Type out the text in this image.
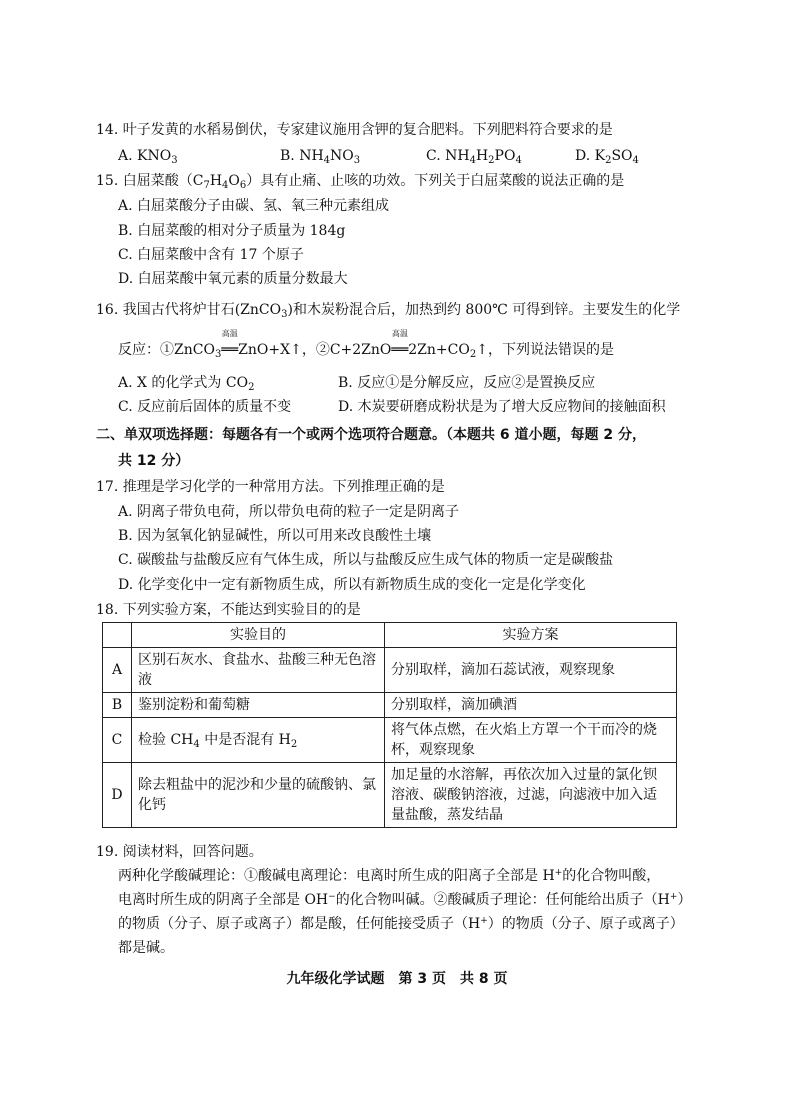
14. 叶子发黄的水稻易倒伏，专家建议施用含钾的复合肥料。下列肥料符合要求的是
A. $KNO_3$	B. $NH_4NO_3$	C. $NH_4H_2PO_4$	D. $K_2SO_4$
15. 白屈菜酸$(C_7H_4O_6)$具有止痛、止咳的功效。下列关于白屈菜酸的说法正确的是
A. 白屈菜酸分子由碳、氢、氧三种元素组成
B. 白屈菜酸的相对分子质量为 184g
C. 白屈菜酸中含有 17 个原子
D. 白屈菜酸中氧元素的质量分数最大
16. 我国古代将炉甘石(ZnCO$_3$)和木炭粉混合后，加热到约 800℃ 可得到锌。主要发生的化学
反应：①ZnCO$_3$
高温
══ZnO+X↑，②C+2ZnO
高温
$══2Zn+CO_2↑$，下列说法错误的是
A. X 的化学式为 $CO_2$	B. 反应①是分解反应，反应②是置换反应
C. 反应前后固体的质量不变	D. 木炭要研磨成粉状是为了增大反应物间的接触面积
二、单双项选择题：每题各有一个或两个选项符合题意。（本题共 6 道小题，每题 2 分，
共 12 分）
17. 推理是学习化学的一种常用方法。下列推理正确的是
A. 阴离子带负电荷，所以带负电荷的粒子一定是阴离子
B. 因为氢氧化钠显碱性，所以可用来改良酸性土壤
C. 碳酸盐与盐酸反应有气体生成，所以与盐酸反应生成气体的物质一定是碳酸盐
D. 化学变化中一定有新物质生成，所以有新物质生成的变化一定是化学变化
18. 下列实验方案，不能达到实验目的的是
	实验目的	实验方案
A	区别石灰水、食盐水、盐酸三种无色溶液	分别取样，滴加石蕊试液，观察现象
B	鉴别淀粉和葡萄糖	分别取样，滴加碘酒
C	检验 $CH_4$ 中是否混有 $H_2$	将气体点燃，在火焰上方罩一个干而冷的烧杯，观察现象
D	除去粗盐中的泥沙和少量的硫酸钠、氯化钙	加足量的水溶解，再依次加入过量的氯化钡溶液、碳酸钠溶液，过滤，向滤液中加入适量盐酸，蒸发结晶
19. 阅读材料，回答问题。
两种化学酸碱理论：①酸碱电离理论：电离时所生成的阳离子全部是 H+的化合物叫酸，
电离时所生成的阴离子全部是 OH−的化合物叫碱。②酸碱质子理论：任何能给出质子（H+）
的物质（分子、原子或离子）都是酸，任何能接受质子（H+）的物质（分子、原子或离子）
都是碱。
九年级化学试题　第 3 页　共 8 页
